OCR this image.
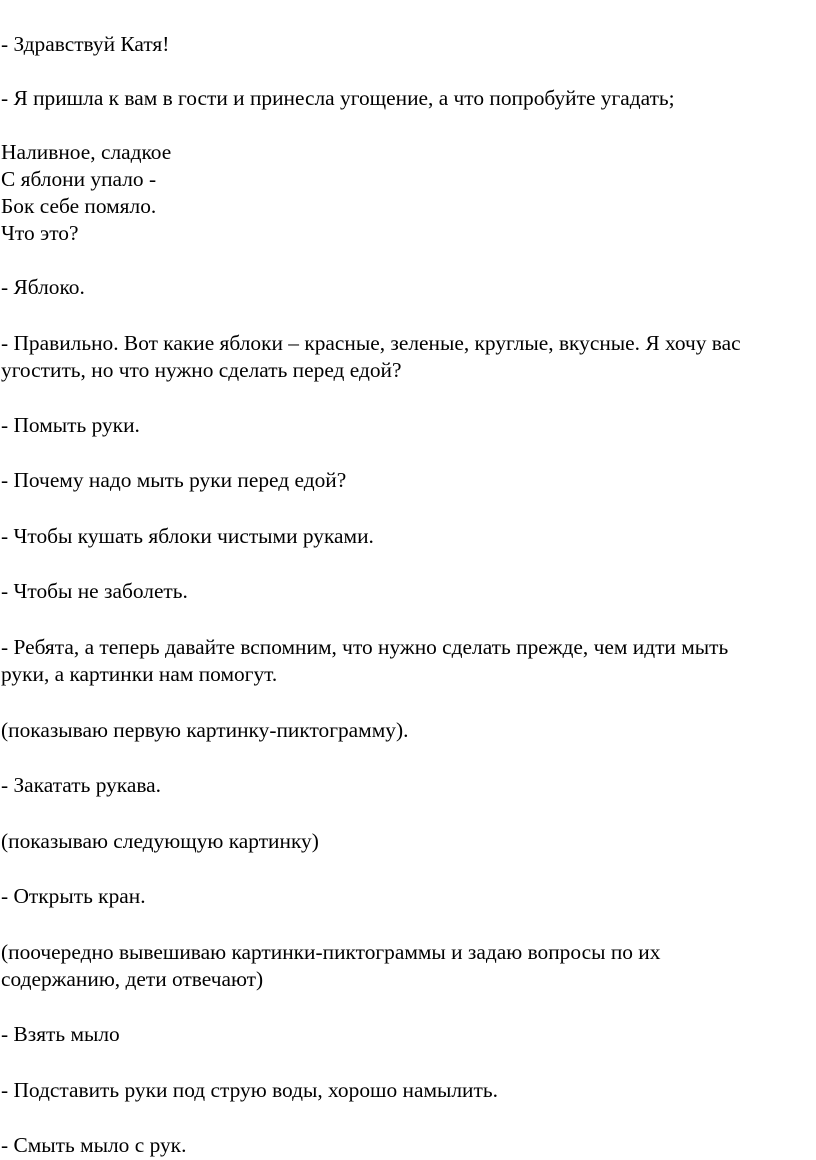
- Здравствуй Катя!
- Я пришла к вам в гости и принесла угощение, а что попробуйте угадать;
Наливное, сладкое
С яблони упало -
Бок себе помяло.
Что это?
- Яблоко.
- Правильно. Вот какие яблоки – красные, зеленые, круглые, вкусные. Я хочу вас
угостить, но что нужно сделать перед едой?
- Помыть руки.
- Почему надо мыть руки перед едой?
- Чтобы кушать яблоки чистыми руками.
- Чтобы не заболеть.
- Ребята, а теперь давайте вспомним, что нужно сделать прежде, чем идти мыть
руки, а картинки нам помогут.
(показываю первую картинку-пиктограмму).
- Закатать рукава.
(показываю следующую картинку)
- Открыть кран.
(поочередно вывешиваю картинки-пиктограммы и задаю вопросы по их
содержанию, дети отвечают)
- Взять мыло
- Подставить руки под струю воды, хорошо намылить.
- Смыть мыло с рук.
